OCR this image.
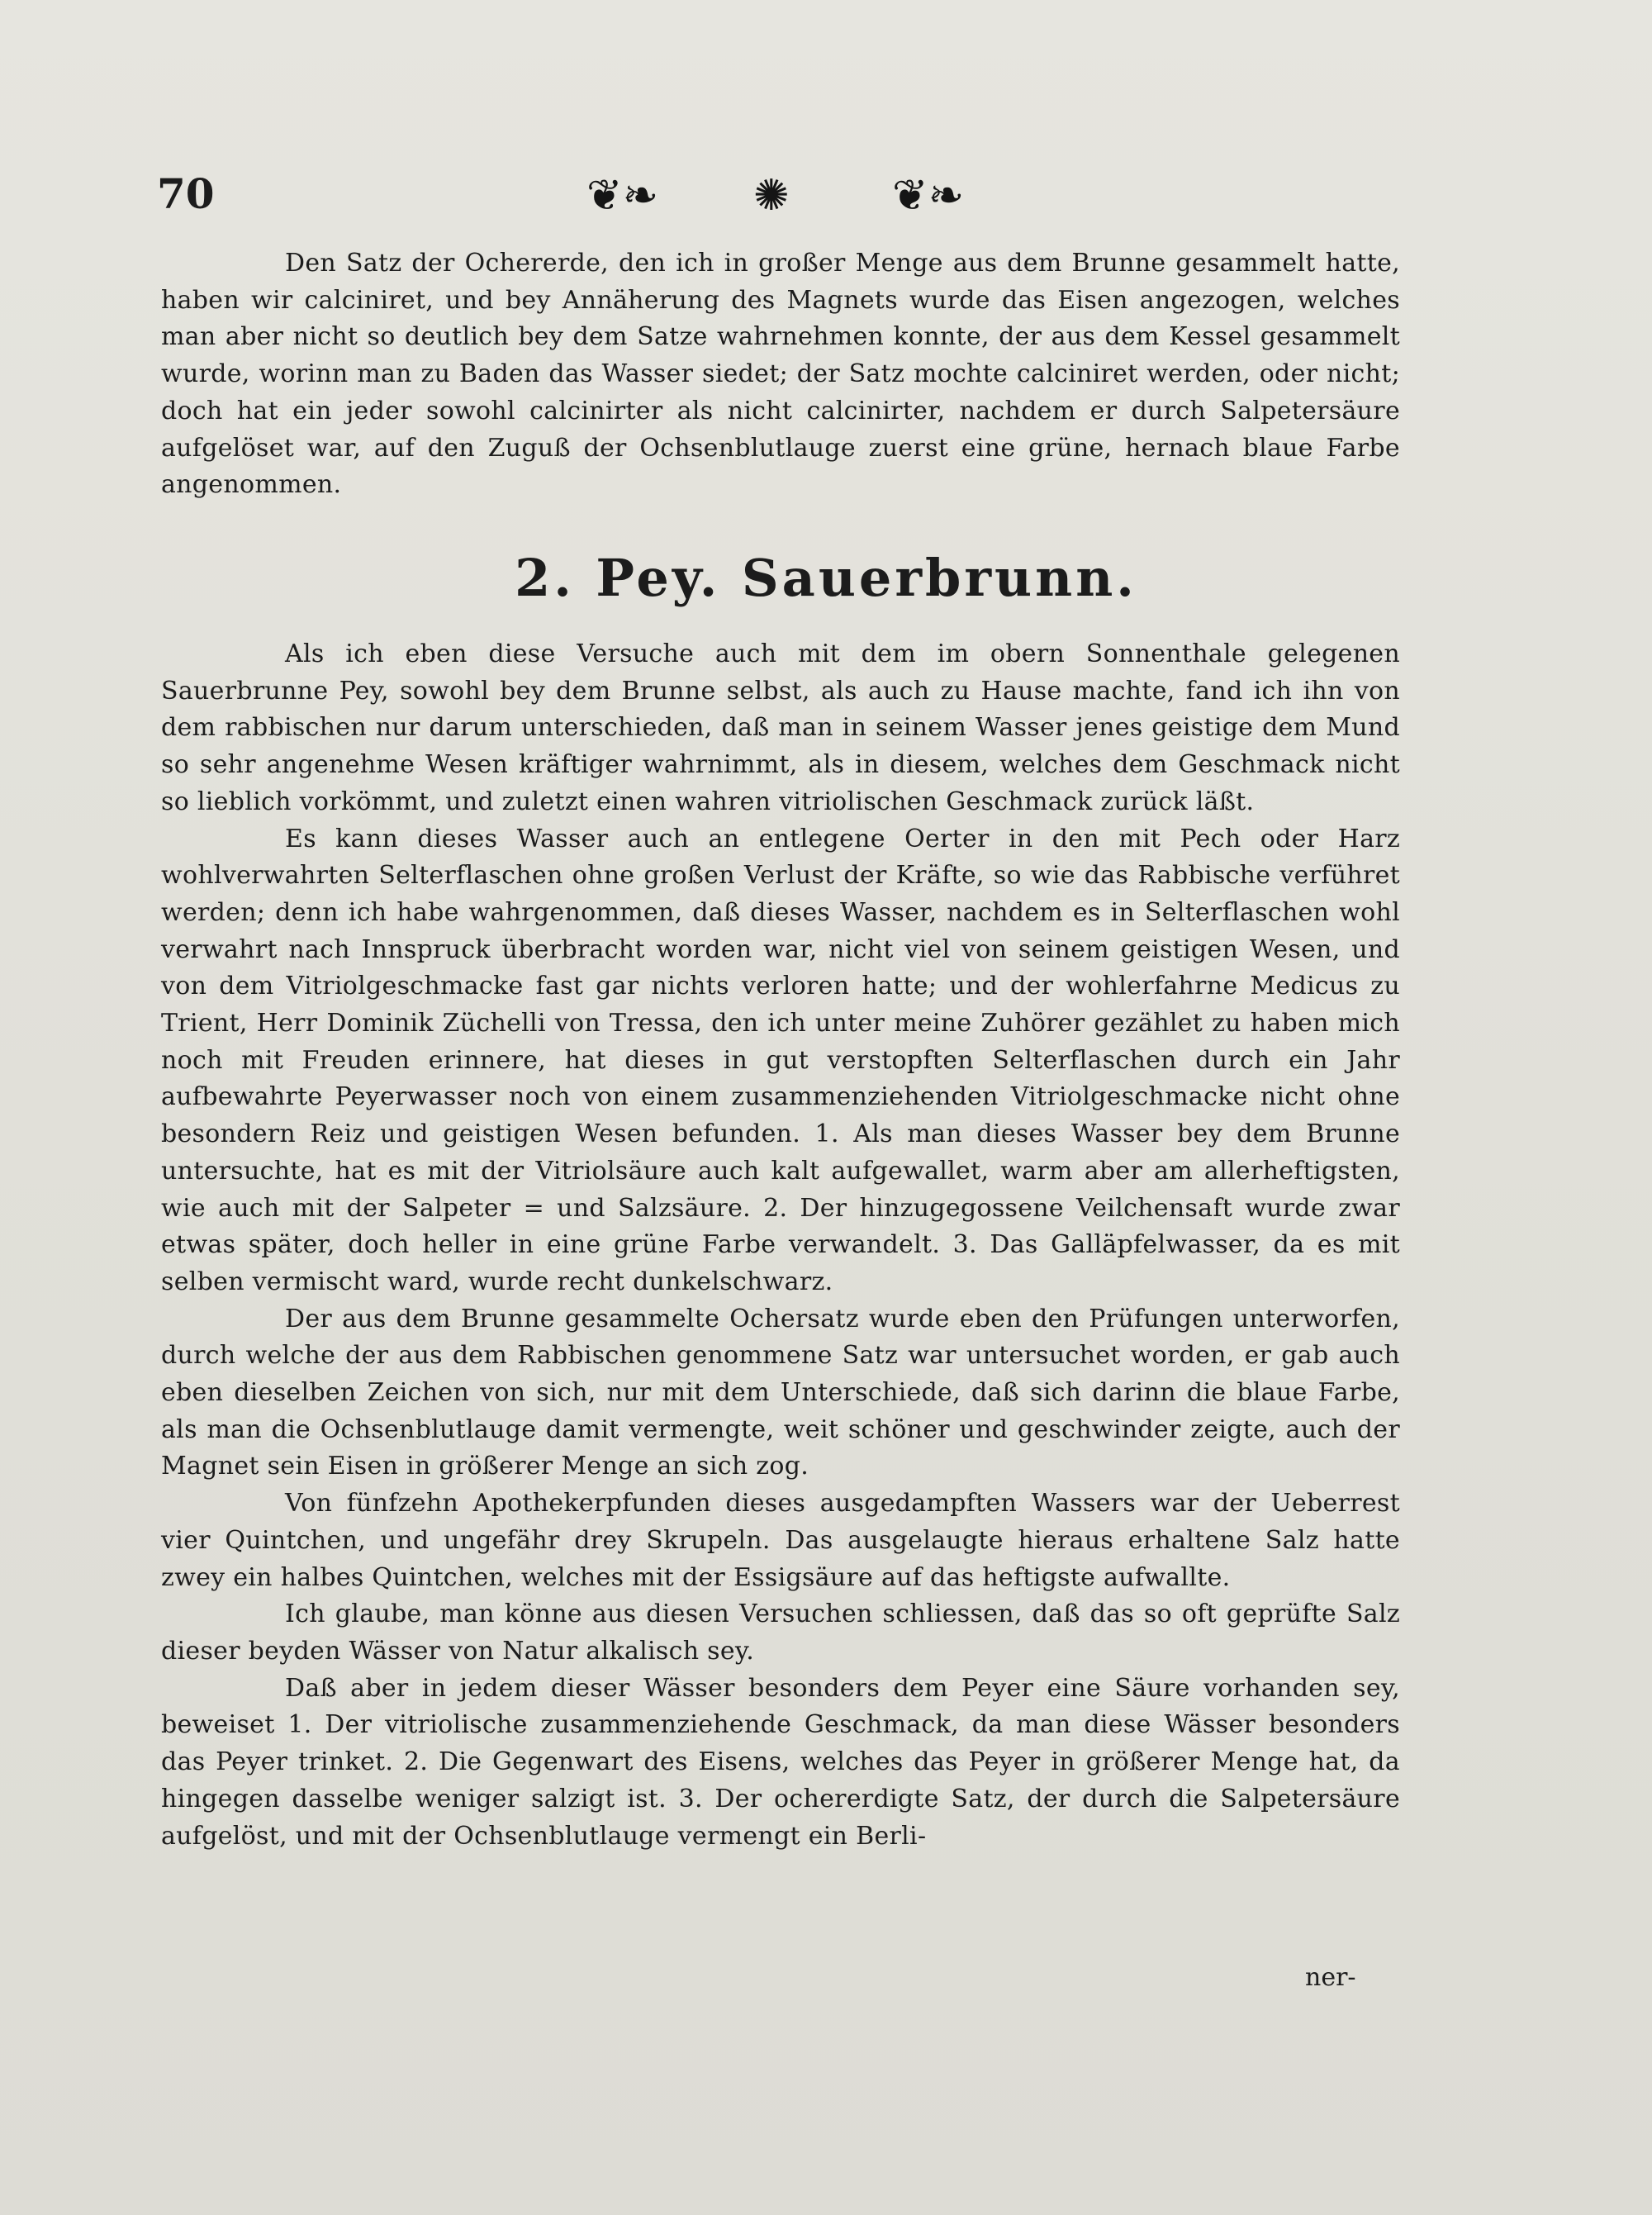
70	❦❧ ✺ ❦❧

Den Satz der Ochererde, den ich in großer Menge aus dem Brunne gesammelt hatte, haben wir calciniret, und bey Annäherung des Magnets wurde das Eisen angezogen, welches man aber nicht so deutlich bey dem Satze wahrnehmen konnte, der aus dem Kessel gesammelt wurde, worinn man zu Baden das Wasser siedet; der Satz mochte calciniret werden, oder nicht; doch hat ein jeder sowohl calcinirter als nicht calcinirter, nachdem er durch Salpetersäure aufgelöset war, auf den Zuguß der Ochsenblutlauge zuerst eine grüne, hernach blaue Farbe angenommen.

2. Pey. Sauerbrunn.

Als ich eben diese Versuche auch mit dem im obern Sonnenthale gelegenen Sauerbrunne Pey, sowohl bey dem Brunne selbst, als auch zu Hause machte, fand ich ihn von dem rabbischen nur darum unterschieden, daß man in seinem Wasser jenes geistige dem Mund so sehr angenehme Wesen kräftiger wahrnimmt, als in diesem, welches dem Geschmack nicht so lieblich vorkömmt, und zuletzt einen wahren vitriolischen Geschmack zurück läßt.

Es kann dieses Wasser auch an entlegene Oerter in den mit Pech oder Harz wohlverwahrten Selterflaschen ohne großen Verlust der Kräfte, so wie das Rabbische verführet werden; denn ich habe wahrgenommen, daß dieses Wasser, nachdem es in Selterflaschen wohl verwahrt nach Innspruck überbracht worden war, nicht viel von seinem geistigen Wesen, und von dem Vitriolgeschmacke fast gar nichts verloren hatte; und der wohlerfahrne Medicus zu Trient, Herr Dominik Züchelli von Tressa, den ich unter meine Zuhörer gezählet zu haben mich noch mit Freuden erinnere, hat dieses in gut verstopften Selterflaschen durch ein Jahr aufbewahrte Peyerwasser noch von einem zusammenziehenden Vitriolgeschmacke nicht ohne besondern Reiz und geistigen Wesen befunden. 1. Als man dieses Wasser bey dem Brunne untersuchte, hat es mit der Vitriolsäure auch kalt aufgewallet, warm aber am allerheftigsten, wie auch mit der Salpeter = und Salzsäure. 2. Der hinzugegossene Veilchensaft wurde zwar etwas später, doch heller in eine grüne Farbe verwandelt. 3. Das Galläpfelwasser, da es mit selben vermischt ward, wurde recht dunkelschwarz.

Der aus dem Brunne gesammelte Ochersatz wurde eben den Prüfungen unterworfen, durch welche der aus dem Rabbischen genommene Satz war untersuchet worden, er gab auch eben dieselben Zeichen von sich, nur mit dem Unterschiede, daß sich darinn die blaue Farbe, als man die Ochsenblutlauge damit vermengte, weit schöner und geschwinder zeigte, auch der Magnet sein Eisen in größerer Menge an sich zog.

Von fünfzehn Apothekerpfunden dieses ausgedampften Wassers war der Ueberrest vier Quintchen, und ungefähr drey Skrupeln. Das ausgelaugte hieraus erhaltene Salz hatte zwey ein halbes Quintchen, welches mit der Essigsäure auf das heftigste aufwallte.

Ich glaube, man könne aus diesen Versuchen schliessen, daß das so oft geprüfte Salz dieser beyden Wässer von Natur alkalisch sey.

Daß aber in jedem dieser Wässer besonders dem Peyer eine Säure vorhanden sey, beweiset 1. Der vitriolische zusammenziehende Geschmack, da man diese Wässer besonders das Peyer trinket. 2. Die Gegenwart des Eisens, welches das Peyer in größerer Menge hat, da hingegen dasselbe weniger salzigt ist. 3. Der ochererdigte Satz, der durch die Salpetersäure aufgelöst, und mit der Ochsenblutlauge vermengt ein Berli-

ner-
